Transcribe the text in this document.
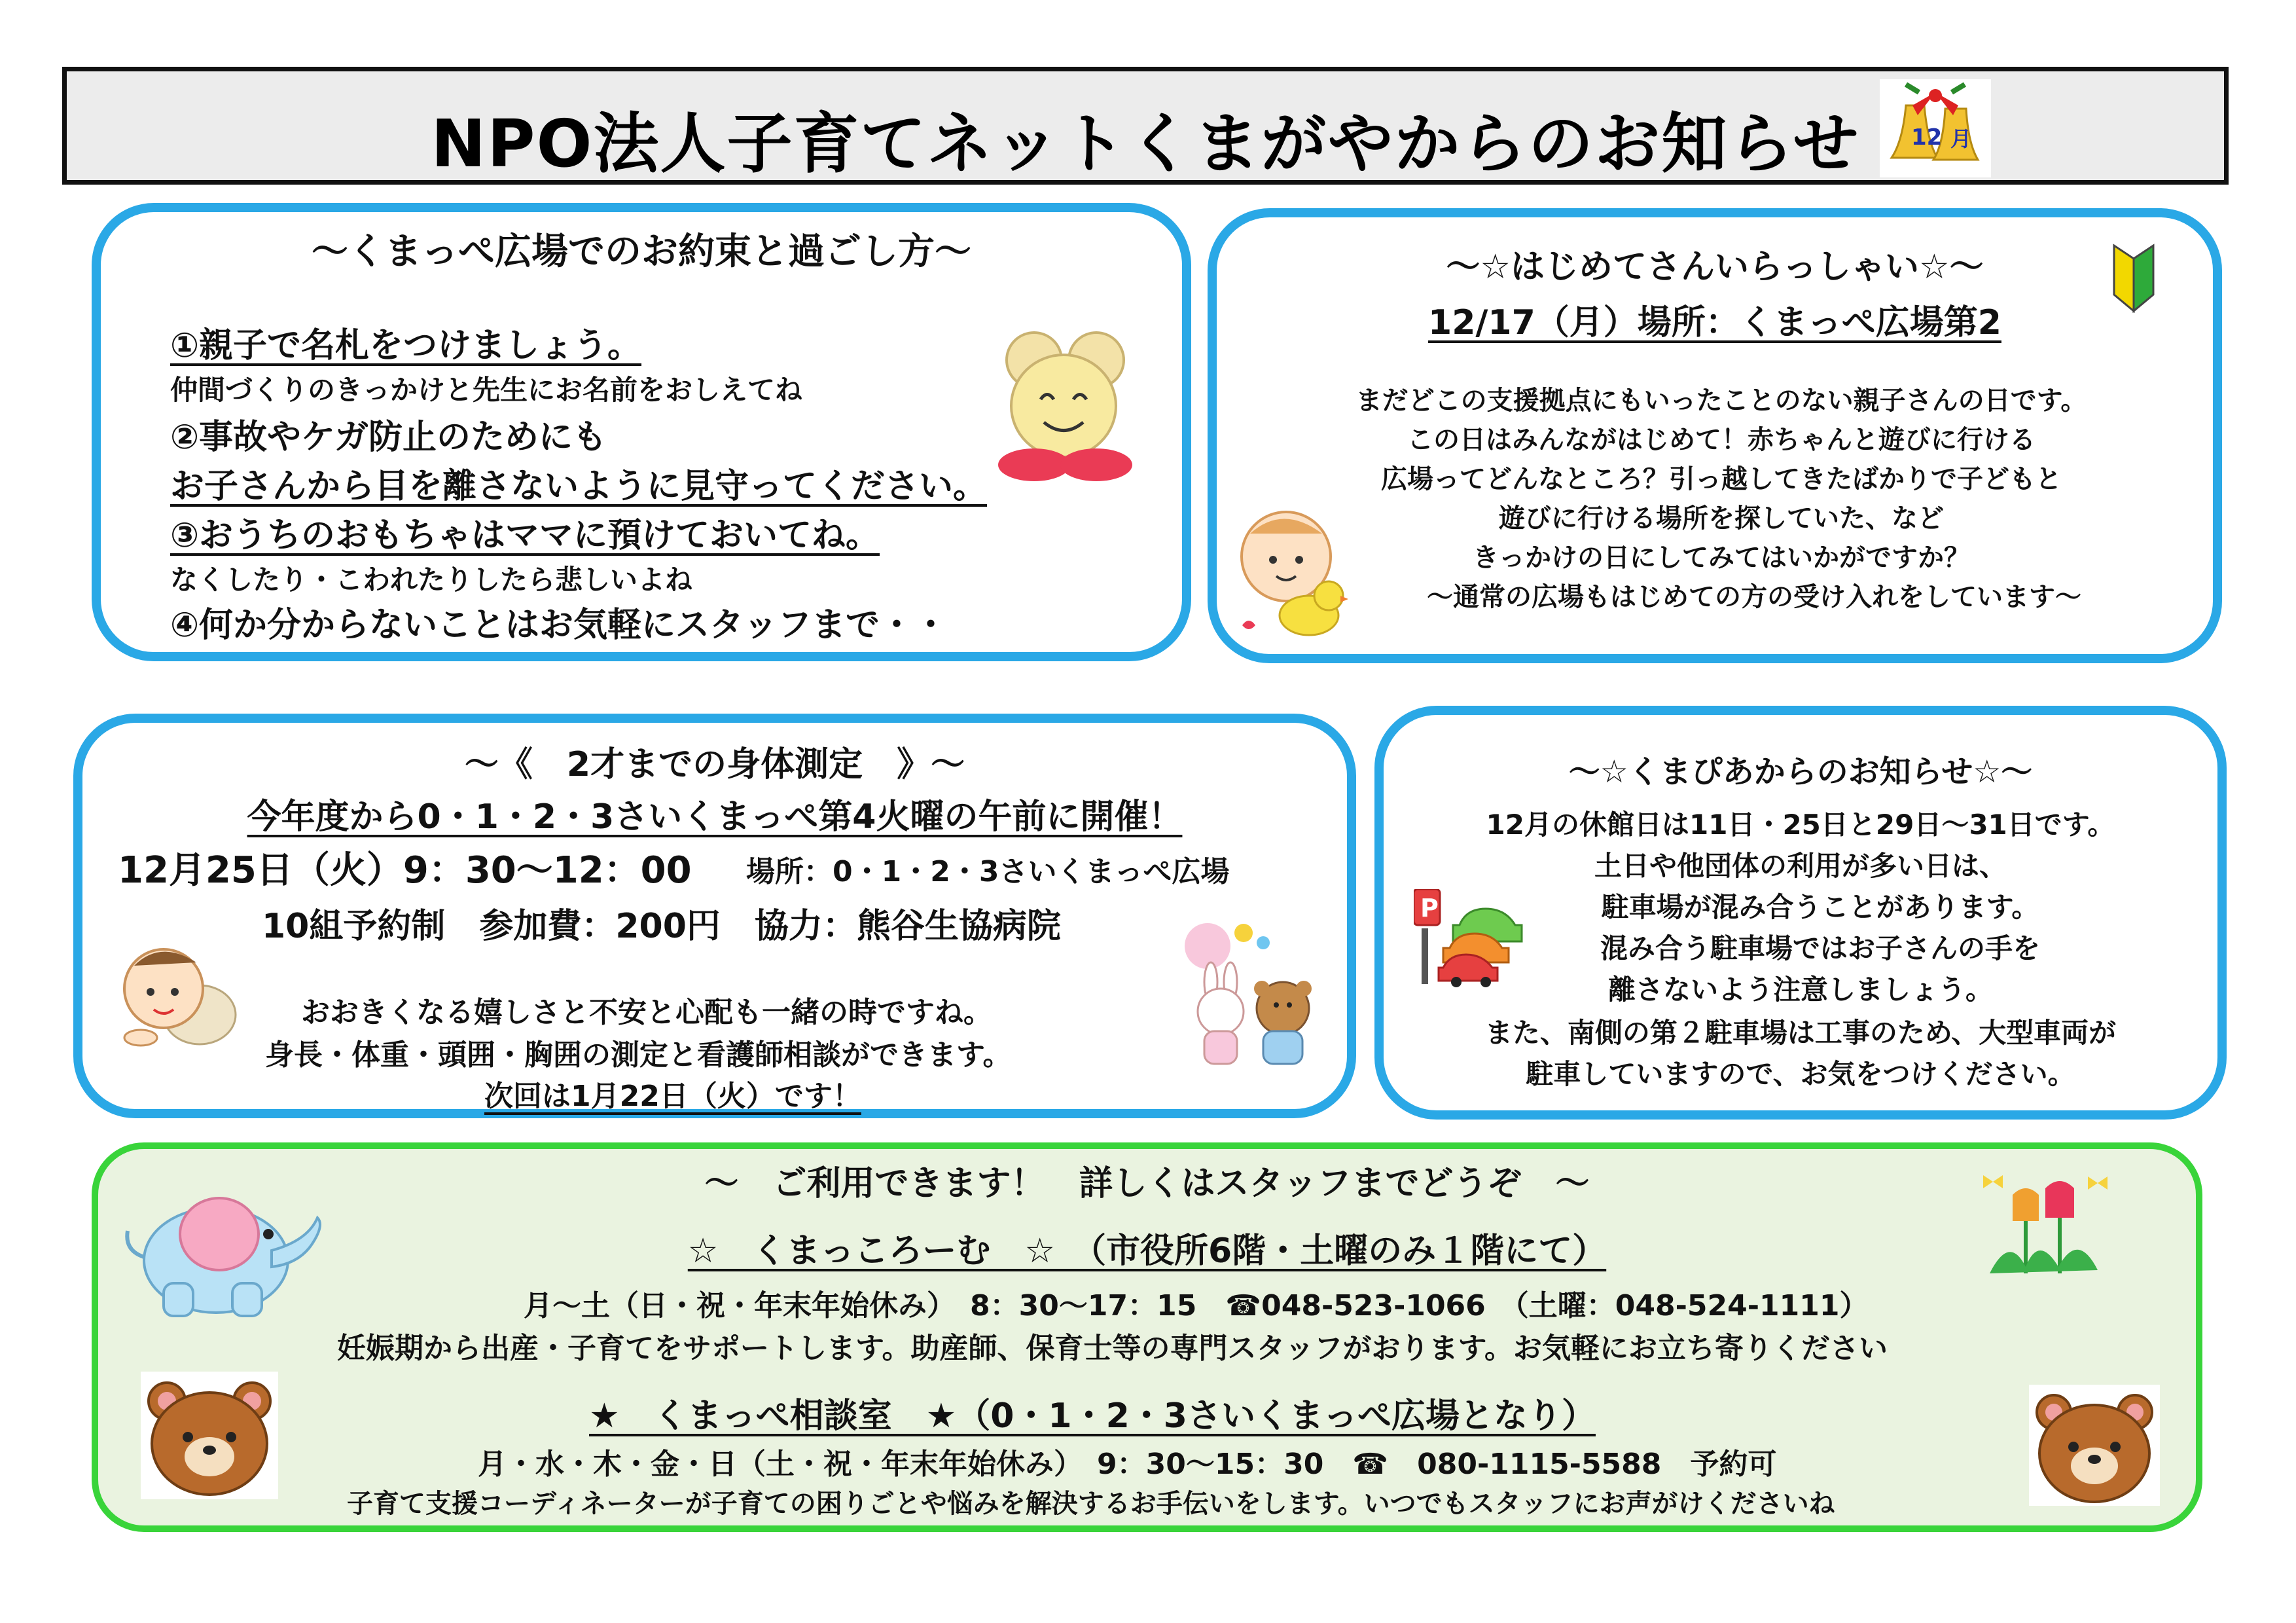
NPO法人子育てネットくまがやからのお知らせ	12 月
～くまっぺ広場でのお約束と過ごし方～
①親子で名札をつけましょう。
仲間づくりのきっかけと先生にお名前をおしえてね
②事故やケガ防止のためにも
お子さんから目を離さないように見守ってください。
③おうちのおもちゃはママに預けておいてね。
なくしたり・こわれたりしたら悲しいよね
④何か分からないことはお気軽にスタッフまで・・
～☆はじめてさんいらっしゃい☆～
12/17（月）場所：くまっぺ広場第2
まだどこの支援拠点にもいったことのない親子さんの日です。
この日はみんながはじめて！赤ちゃんと遊びに行ける
広場ってどんなところ？引っ越してきたばかりで子どもと
遊びに行ける場所を探していた、など
きっかけの日にしてみてはいかがですか？
～通常の広場もはじめての方の受け入れをしています～
～《　2才までの身体測定　》～
今年度から0・1・2・3さいくまっぺ第4火曜の午前に開催！
12月25日（火）9：30～12：00 場所：0・1・2・3さいくまっぺ広場
10組予約制　参加費：200円　協力：熊谷生協病院
おおきくなる嬉しさと不安と心配も一緒の時ですね。
身長・体重・頭囲・胸囲の測定と看護師相談ができます。
次回は1月22日（火）です！
～☆くまぴあからのお知らせ☆～
12月の休館日は11日・25日と29日～31日です。
土日や他団体の利用が多い日は、
駐車場が混み合うことがあります。
混み合う駐車場ではお子さんの手を
離さないよう注意しましょう。
また、南側の第２駐車場は工事のため、大型車両が
駐車していますので、お気をつけください。
P
～　ご利用できます！　詳しくはスタッフまでどうぞ　～
☆　くまっころーむ　☆　（市役所6階・土曜のみ１階にて）
月～土（日・祝・年末年始休み）　8：30～17：15　☎048-523-1066　（土曜：048-524-1111）
妊娠期から出産・子育てをサポートします。助産師、保育士等の専門スタッフがおります。お気軽にお立ち寄りください
★　くまっぺ相談室　★（0・1・2・3さいくまっぺ広場となり）
月・水・木・金・日（土・祝・年末年始休み）　9：30～15：30　☎　080-1115-5588　予約可
子育て支援コーディネーターが子育ての困りごとや悩みを解決するお手伝いをします。いつでもスタッフにお声がけくださいね
